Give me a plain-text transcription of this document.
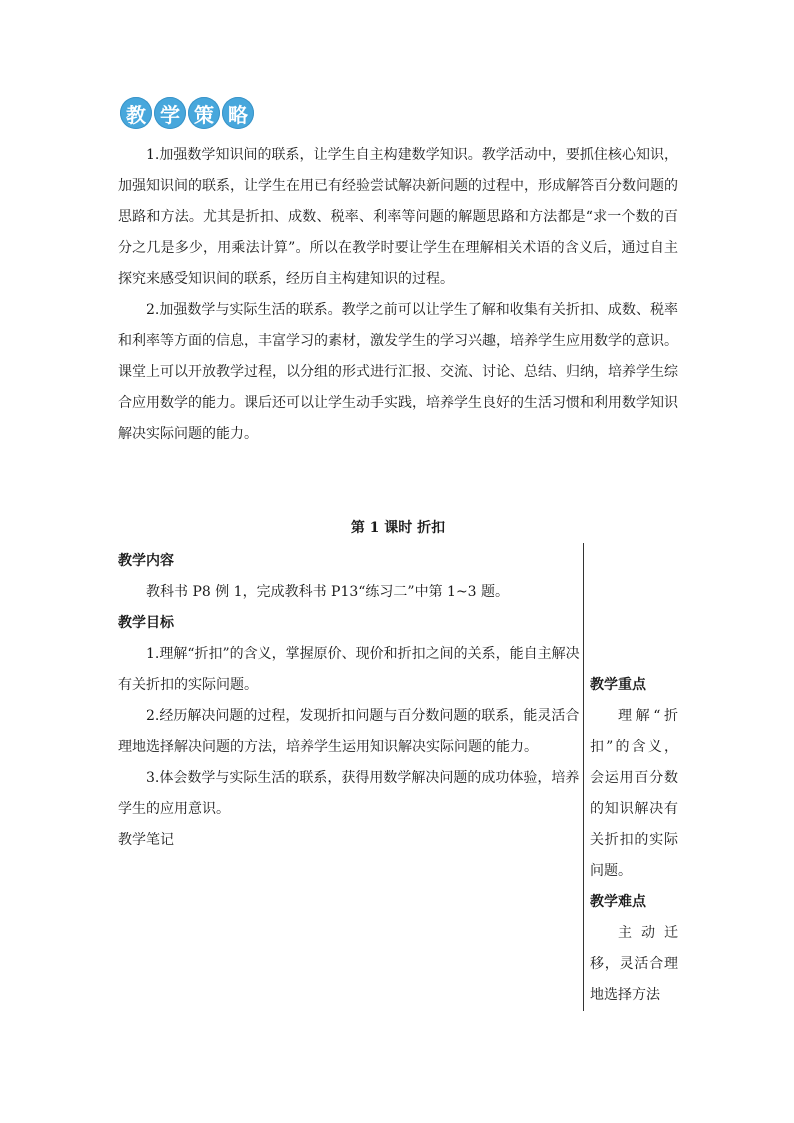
教 学 策 略

1.加强数学知识间的联系，让学生自主构建数学知识。教学活动中，要抓住核心知识，加强知识间的联系，让学生在用已有经验尝试解决新问题的过程中，形成解答百分数问题的思路和方法。尤其是折扣、成数、税率、利率等问题的解题思路和方法都是“求一个数的百分之几是多少，用乘法计算”。所以在教学时要让学生在理解相关术语的含义后，通过自主探究来感受知识间的联系，经历自主构建知识的过程。

2.加强数学与实际生活的联系。教学之前可以让学生了解和收集有关折扣、成数、税率和利率等方面的信息，丰富学习的素材，激发学生的学习兴趣，培养学生应用数学的意识。课堂上可以开放教学过程，以分组的形式进行汇报、交流、讨论、总结、归纳，培养学生综合应用数学的能力。课后还可以让学生动手实践，培养学生良好的生活习惯和利用数学知识解决实际问题的能力。

第 1 课时 折扣
教学内容
教科书 P8 例 1，完成教科书 P13“练习二”中第 1~3 题。
教学目标
1.理解“折扣”的含义，掌握原价、现价和折扣之间的关系，能自主解决有关折扣的实际问题。
2.经历解决问题的过程，发现折扣问题与百分数问题的联系，能灵活合理地选择解决问题的方法，培养学生运用知识解决实际问题的能力。
3.体会数学与实际生活的联系，获得用数学解决问题的成功体验，培养学生的应用意识。
教学笔记
教学重点
理解“折扣”的含义，会运用百分数的知识解决有关折扣的实际问题。
教学难点
主动迁移，灵活合理地选择方法
